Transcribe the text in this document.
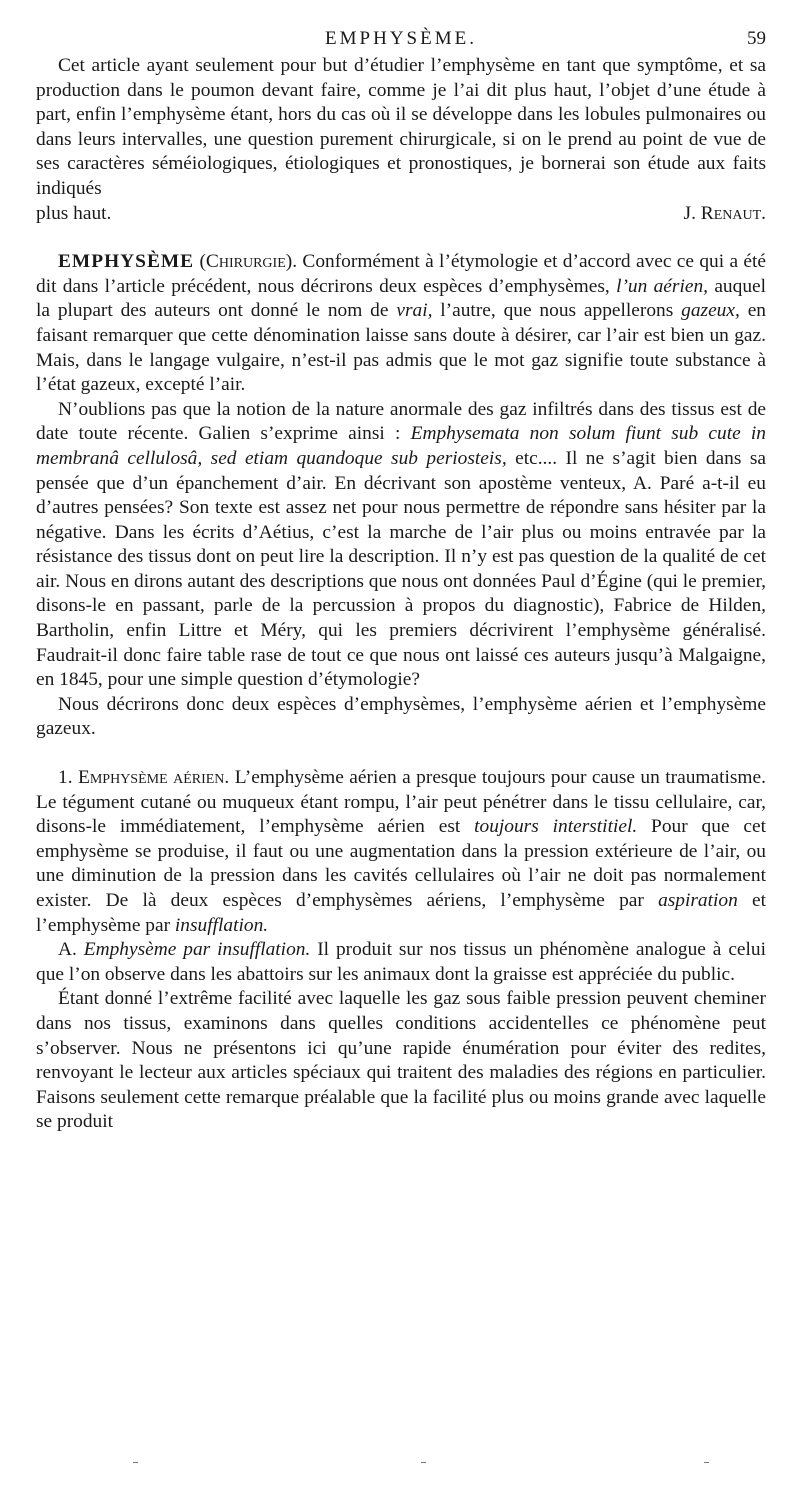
EMPHYSÈME.	59

Cet article ayant seulement pour but d’étudier l’emphysème en tant que symptôme, et sa production dans le poumon devant faire, comme je l’ai dit plus haut, l’objet d’une étude à part, enfin l’emphysème étant, hors du cas où il se développe dans les lobules pulmonaires ou dans leurs intervalles, une question purement chirurgicale, si on le prend au point de vue de ses caractères séméiologiques, étiologiques et pronostiques, je bornerai son étude aux faits indiqués

plus haut.	J. Renaut.

EMPHYSÈME (Chirurgie). Conformément à l’étymologie et d’accord avec ce qui a été dit dans l’article précédent, nous décrirons deux espèces d’emphysèmes, l’un aérien, auquel la plupart des auteurs ont donné le nom de vrai, l’autre, que nous appellerons gazeux, en faisant remarquer que cette dénomination laisse sans doute à désirer, car l’air est bien un gaz. Mais, dans le langage vulgaire, n’est-il pas admis que le mot gaz signifie toute substance à l’état gazeux, excepté l’air.

N’oublions pas que la notion de la nature anormale des gaz infiltrés dans des tissus est de date toute récente. Galien s’exprime ainsi : Emphysemata non solum fiunt sub cute in membranâ cellulosâ, sed etiam quandoque sub periosteis, etc.... Il ne s’agit bien dans sa pensée que d’un épanchement d’air. En décrivant son apostème venteux, A. Paré a-t-il eu d’autres pensées? Son texte est assez net pour nous permettre de répondre sans hésiter par la négative. Dans les écrits d’Aétius, c’est la marche de l’air plus ou moins entravée par la résistance des tissus dont on peut lire la description. Il n’y est pas question de la qualité de cet air. Nous en dirons autant des descriptions que nous ont données Paul d’Égine (qui le premier, disons-le en passant, parle de la percussion à propos du diagnostic), Fabrice de Hilden, Bartholin, enfin Littre et Méry, qui les premiers décrivirent l’emphysème généralisé. Faudrait-il donc faire table rase de tout ce que nous ont laissé ces auteurs jusqu’à Malgaigne, en 1845, pour une simple question d’étymologie?

Nous décrirons donc deux espèces d’emphysèmes, l’emphysème aérien et l’emphysème gazeux.

1. Emphysème aérien. L’emphysème aérien a presque toujours pour cause un traumatisme. Le tégument cutané ou muqueux étant rompu, l’air peut pénétrer dans le tissu cellulaire, car, disons-le immédiatement, l’emphysème aérien est toujours interstitiel. Pour que cet emphysème se produise, il faut ou une augmentation dans la pression extérieure de l’air, ou une diminution de la pression dans les cavités cellulaires où l’air ne doit pas normalement exister. De là deux espèces d’emphysèmes aériens, l’emphysème par aspiration et l’emphysème par insufflation.

A. Emphysème par insufflation. Il produit sur nos tissus un phénomène analogue à celui que l’on observe dans les abattoirs sur les animaux dont la graisse est appréciée du public.

Étant donné l’extrême facilité avec laquelle les gaz sous faible pression peuvent cheminer dans nos tissus, examinons dans quelles conditions accidentelles ce phénomène peut s’observer. Nous ne présentons ici qu’une rapide énumération pour éviter des redites, renvoyant le lecteur aux articles spéciaux qui traitent des maladies des régions en particulier. Faisons seulement cette remarque préalable que la facilité plus ou moins grande avec laquelle se produit
